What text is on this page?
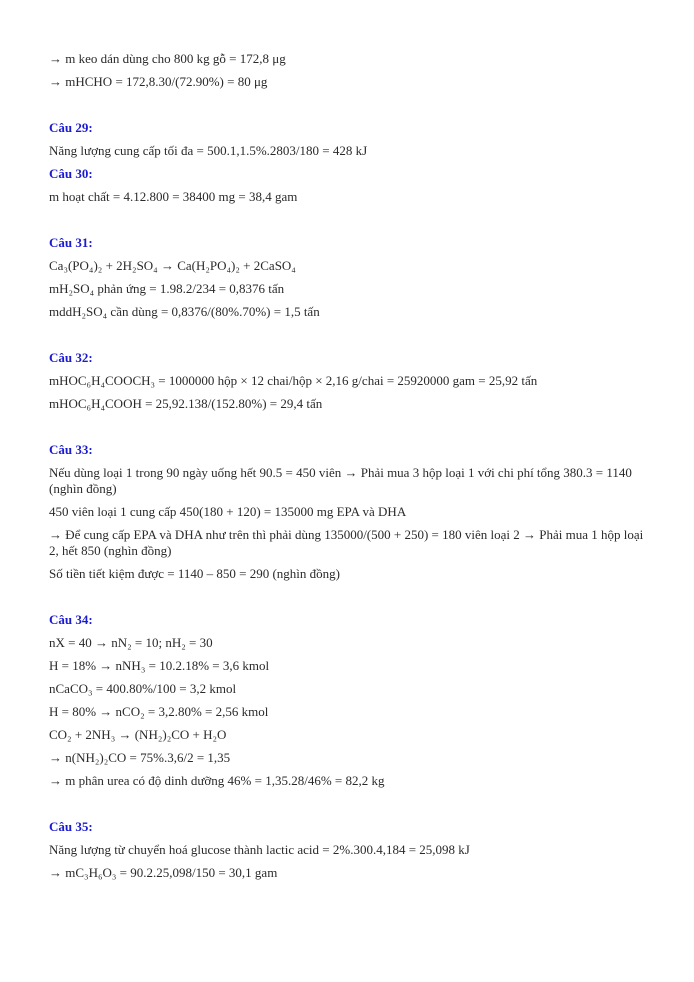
→ m keo dán dùng cho 800 kg gỗ = 172,8 μg
→ mHCHO = 172,8.30/(72.90%) = 80 μg
Câu 29:
Năng lượng cung cấp tối đa = 500.1,1.5%.2803/180 = 428 kJ
Câu 30:
m hoạt chất = 4.12.800 = 38400 mg = 38,4 gam
Câu 31:
Ca₃(PO₄)₂ + 2H₂SO₄ → Ca(H₂PO₄)₂ + 2CaSO₄
mH₂SO₄ phản ứng = 1.98.2/234 = 0,8376 tấn
mddH₂SO₄ cần dùng = 0,8376/(80%.70%) = 1,5 tấn
Câu 32:
mHOC₆H₄COOCH₃ = 1000000 hộp × 12 chai/hộp × 2,16 g/chai = 25920000 gam = 25,92 tấn
mHOC₆H₄COOH = 25,92.138/(152.80%) = 29,4 tấn
Câu 33:
Nếu dùng loại 1 trong 90 ngày uống hết 90.5 = 450 viên → Phải mua 3 hộp loại 1 với chi phí tổng 380.3 = 1140 (nghìn đồng)
450 viên loại 1 cung cấp 450(180 + 120) = 135000 mg EPA và DHA
→ Để cung cấp EPA và DHA như trên thì phải dùng 135000/(500 + 250) = 180 viên loại 2 → Phải mua 1 hộp loại 2, hết 850 (nghìn đồng)
Số tiền tiết kiệm được = 1140 – 850 = 290 (nghìn đồng)
Câu 34:
nX = 40 → nN₂ = 10; nH₂ = 30
H = 18% → nNH₃ = 10.2.18% = 3,6 kmol
nCaCO₃ = 400.80%/100 = 3,2 kmol
H = 80% → nCO₂ = 3,2.80% = 2,56 kmol
CO₂ + 2NH₃ → (NH₂)₂CO + H₂O
→ n(NH₂)₂CO = 75%.3,6/2 = 1,35
→ m phân urea có độ dinh dưỡng 46% = 1,35.28/46% = 82,2 kg
Câu 35:
Năng lượng từ chuyển hoá glucose thành lactic acid = 2%.300.4,184 = 25,098 kJ
→ mC₃H₆O₃ = 90.2.25,098/150 = 30,1 gam
